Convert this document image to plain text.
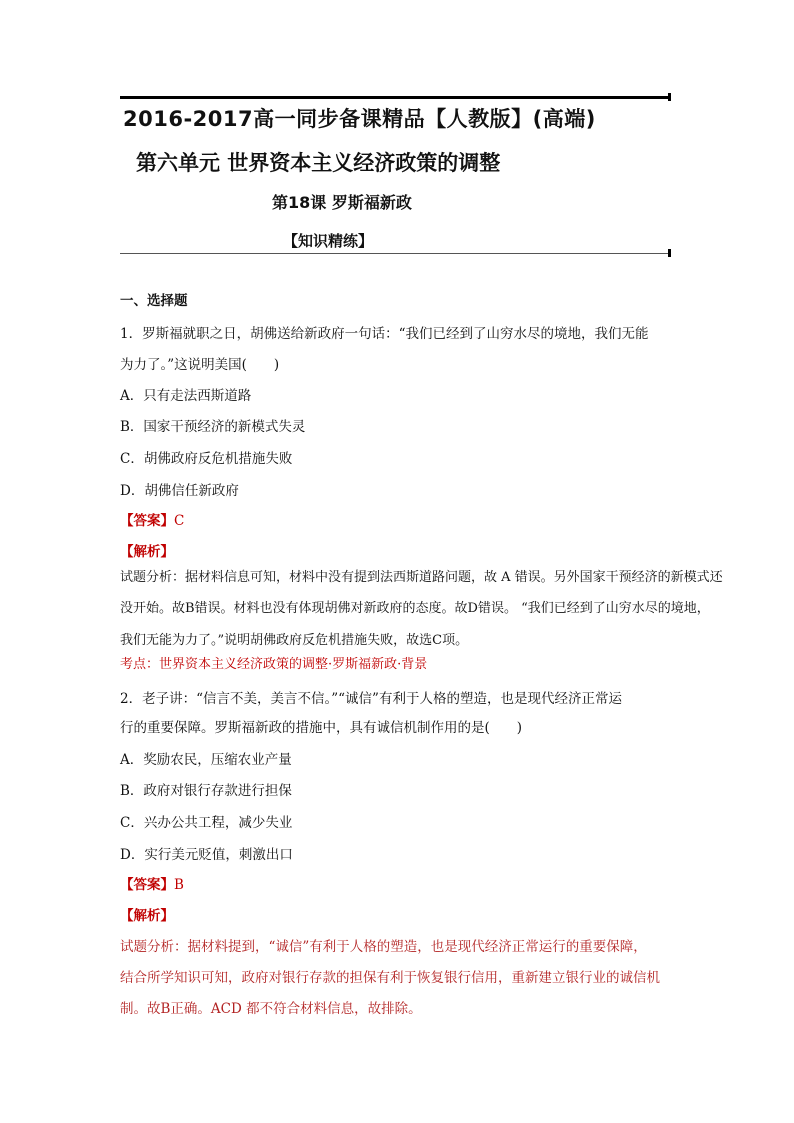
2016-2017高一同步备课精品【人教版】(高端)
第六单元 世界资本主义经济政策的调整
第18课 罗斯福新政
【知识精练】
一、选择题
1．罗斯福就职之日，胡佛送给新政府一句话：“我们已经到了山穷水尽的境地，我们无能
为力了。”这说明美国(　　)
A．只有走法西斯道路
B．国家干预经济的新模式失灵
C．胡佛政府反危机措施失败
D．胡佛信任新政府
【答案】C
【解析】
试题分析：据材料信息可知，材料中没有提到法西斯道路问题，故 A 错误。另外国家干预经济的新模式还
没开始。故B错误。材料也没有体现胡佛对新政府的态度。故D错误。 “我们已经到了山穷水尽的境地，
我们无能为力了。”说明胡佛政府反危机措施失败，故选C项。
考点：世界资本主义经济政策的调整·罗斯福新政·背景
2．老子讲：“信言不美，美言不信。”“诚信”有利于人格的塑造，也是现代经济正常运
行的重要保障。罗斯福新政的措施中，具有诚信机制作用的是(　　)
A．奖励农民，压缩农业产量
B．政府对银行存款进行担保
C．兴办公共工程，减少失业
D．实行美元贬值，刺激出口
【答案】B
【解析】
试题分析：据材料提到，“诚信”有利于人格的塑造，也是现代经济正常运行的重要保障，
结合所学知识可知，政府对银行存款的担保有利于恢复银行信用，重新建立银行业的诚信机
制。故B正确。ACD 都不符合材料信息，故排除。
